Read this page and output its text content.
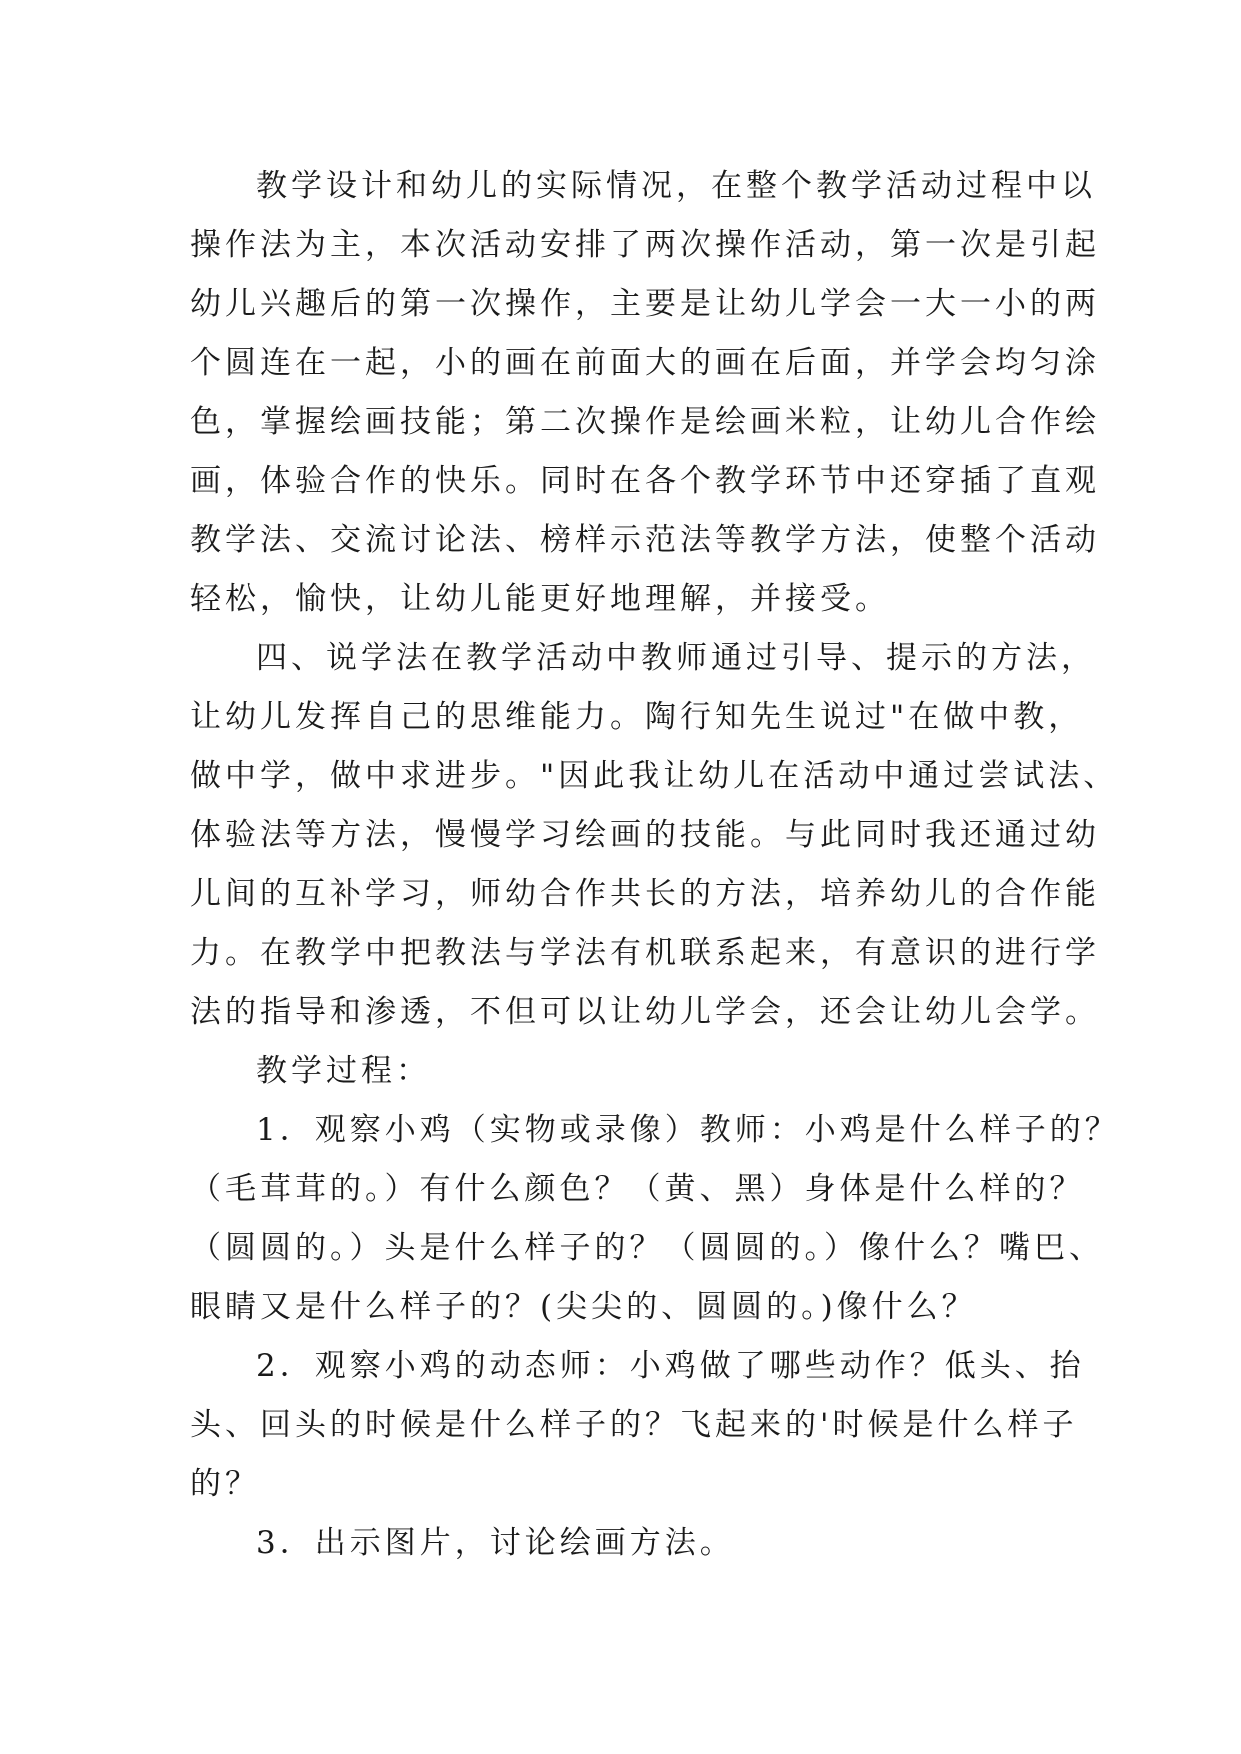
教学设计和幼儿的实际情况，在整个教学活动过程中以
操作法为主，本次活动安排了两次操作活动，第一次是引起
幼儿兴趣后的第一次操作，主要是让幼儿学会一大一小的两
个圆连在一起，小的画在前面大的画在后面，并学会均匀涂
色，掌握绘画技能；第二次操作是绘画米粒，让幼儿合作绘
画，体验合作的快乐。同时在各个教学环节中还穿插了直观
教学法、交流讨论法、榜样示范法等教学方法，使整个活动
轻松，愉快，让幼儿能更好地理解，并接受。
四、说学法在教学活动中教师通过引导、提示的方法，
让幼儿发挥自己的思维能力。陶行知先生说过"在做中教，
做中学，做中求进步。"因此我让幼儿在活动中通过尝试法、
体验法等方法，慢慢学习绘画的技能。与此同时我还通过幼
儿间的互补学习，师幼合作共长的方法，培养幼儿的合作能
力。在教学中把教法与学法有机联系起来，有意识的进行学
法的指导和渗透，不但可以让幼儿学会，还会让幼儿会学。
教学过程：
1．观察小鸡（实物或录像）教师：小鸡是什么样子的？
（毛茸茸的。）有什么颜色？（黄、黑）身体是什么样的？
（圆圆的。）头是什么样子的？（圆圆的。）像什么？嘴巴、
眼睛又是什么样子的？(尖尖的、圆圆的。)像什么？
2．观察小鸡的动态师：小鸡做了哪些动作？低头、抬
头、回头的时候是什么样子的？飞起来的'时候是什么样子
的？
3．出示图片，讨论绘画方法。
